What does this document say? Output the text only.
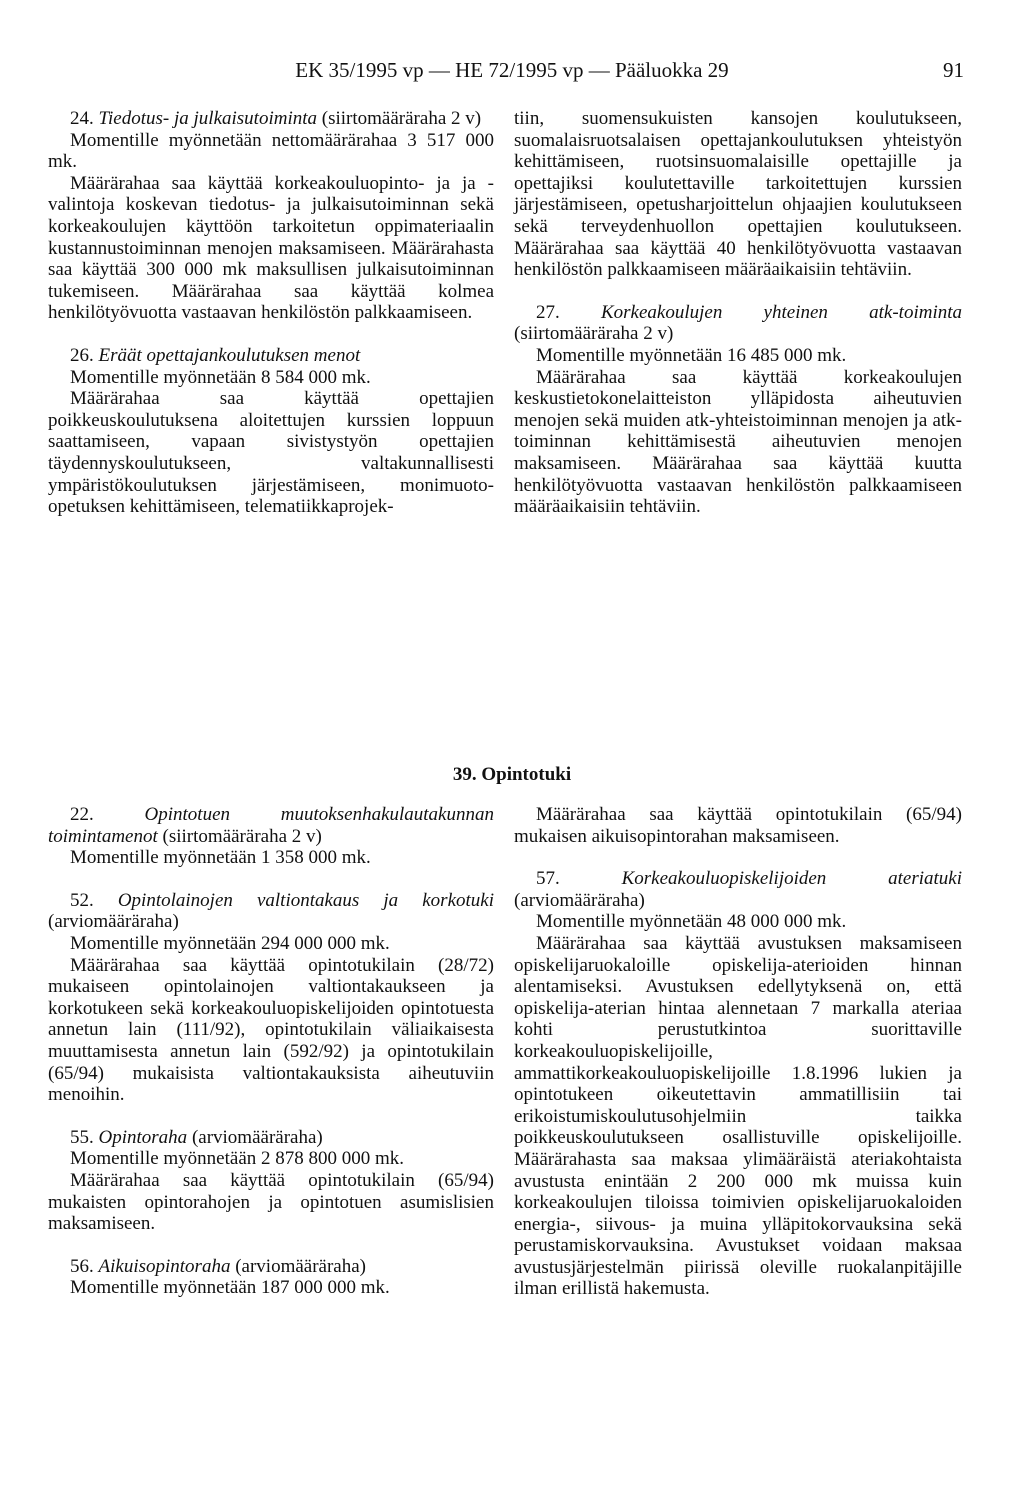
EK 35/1995 vp — HE 72/1995 vp — Pääluokka 29	91

24. Tiedotus- ja julkaisutoiminta (siirtomääräraha 2 v)

Momentille myönnetään nettomäärärahaa 3 517 000 mk.

Määrärahaa saa käyttää korkeakouluopinto- ja ja -valintoja koskevan tiedotus- ja julkaisutoiminnan sekä korkeakoulujen käyttöön tarkoitetun oppimateriaalin kustannustoiminnan menojen maksamiseen. Määrärahasta saa käyttää 300 000 mk maksullisen julkaisutoiminnan tukemiseen. Määrärahaa saa käyttää kolmea henkilötyövuotta vastaavan henkilöstön palkkaamiseen.

26. Eräät opettajankoulutuksen menot

Momentille myönnetään 8 584 000 mk.

Määrärahaa saa käyttää opettajien poikkeuskoulutuksena aloitettujen kurssien loppuun saattamiseen, vapaan sivistystyön opettajien täydennyskoulutukseen, valtakunnallisesti ympäristökoulutuksen järjestämiseen, monimuoto-opetuksen kehittämiseen, telematiikkaprojek-

tiin, suomensukuisten kansojen koulutukseen, suomalaisruotsalaisen opettajankoulutuksen yhteistyön kehittämiseen, ruotsinsuomalaisille opettajille ja opettajiksi koulutettaville tarkoitettujen kurssien järjestämiseen, opetusharjoittelun ohjaajien koulutukseen sekä terveydenhuollon opettajien koulutukseen. Määrärahaa saa käyttää 40 henkilötyövuotta vastaavan henkilöstön palkkaamiseen määräaikaisiin tehtäviin.

27. Korkeakoulujen yhteinen atk-toiminta (siirtomääräraha 2 v)

Momentille myönnetään 16 485 000 mk.

Määrärahaa saa käyttää korkeakoulujen keskustietokonelaitteiston ylläpidosta aiheutuvien menojen sekä muiden atk-yhteistoiminnan menojen ja atk-toiminnan kehittämisestä aiheutuvien menojen maksamiseen. Määrärahaa saa käyttää kuutta henkilötyövuotta vastaavan henkilöstön palkkaamiseen määräaikaisiin tehtäviin.

39. Opintotuki

22. Opintotuen muutoksenhakulautakunnan toimintamenot (siirtomääräraha 2 v)

Momentille myönnetään 1 358 000 mk.

52. Opintolainojen valtiontakaus ja korkotuki (arviomääräraha)

Momentille myönnetään 294 000 000 mk.

Määrärahaa saa käyttää opintotukilain (28/72) mukaiseen opintolainojen valtiontakaukseen ja korkotukeen sekä korkeakouluopiskelijoiden opintotuesta annetun lain (111/92), opintotukilain väliaikaisesta muuttamisesta annetun lain (592/92) ja opintotukilain (65/94) mukaisista valtiontakauksista aiheutuviin menoihin.

55. Opintoraha (arviomääräraha)

Momentille myönnetään 2 878 800 000 mk.

Määrärahaa saa käyttää opintotukilain (65/94) mukaisten opintorahojen ja opintotuen asumislisien maksamiseen.

56. Aikuisopintoraha (arviomääräraha)

Momentille myönnetään 187 000 000 mk.

Määrärahaa saa käyttää opintotukilain (65/94) mukaisen aikuisopintorahan maksamiseen.

57. Korkeakouluopiskelijoiden ateriatuki (arviomääräraha)

Momentille myönnetään 48 000 000 mk.

Määrärahaa saa käyttää avustuksen maksamiseen opiskelijaruokaloille opiskelija-aterioiden hinnan alentamiseksi. Avustuksen edellytyksenä on, että opiskelija-aterian hintaa alennetaan 7 markalla ateriaa kohti perustutkintoa suorittaville korkeakouluopiskelijoille, ammattikorkeakouluopiskelijoille 1.8.1996 lukien ja opintotukeen oikeutettavin ammatillisiin tai erikoistumiskoulutusohjelmiin taikka poikkeuskoulutukseen osallistuville opiskelijoille. Määrärahasta saa maksaa ylimääräistä ateriakohtaista avustusta enintään 2 200 000 mk muissa kuin korkeakoulujen tiloissa toimivien opiskelijaruokaloiden energia-, siivous- ja muina ylläpitokorvauksina sekä perustamiskorvauksina. Avustukset voidaan maksaa avustusjärjestelmän piirissä oleville ruokalanpitäjille ilman erillistä hakemusta.
